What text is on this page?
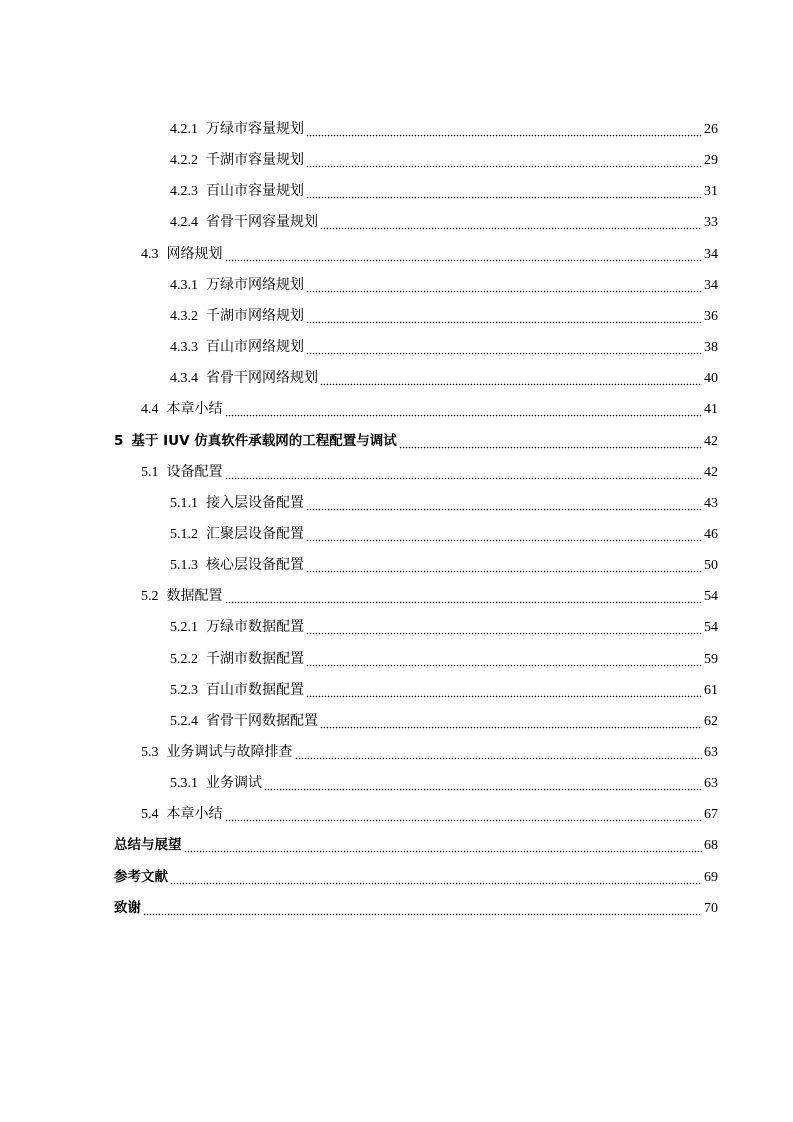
4.2.1 万绿市容量规划	26
4.2.2 千湖市容量规划	29
4.2.3 百山市容量规划	31
4.2.4 省骨干网容量规划	33
4.3 网络规划	34
4.3.1 万绿市网络规划	34
4.3.2 千湖市网络规划	36
4.3.3 百山市网络规划	38
4.3.4 省骨干网网络规划	40
4.4 本章小结	41
5 基于 IUV 仿真软件承载网的工程配置与调试	42
5.1 设备配置	42
5.1.1 接入层设备配置	43
5.1.2 汇聚层设备配置	46
5.1.3 核心层设备配置	50
5.2 数据配置	54
5.2.1 万绿市数据配置	54
5.2.2 千湖市数据配置	59
5.2.3 百山市数据配置	61
5.2.4 省骨干网数据配置	62
5.3 业务调试与故障排查	63
5.3.1 业务调试	63
5.4 本章小结	67
总结与展望	68
参考文献	69
致谢	70
